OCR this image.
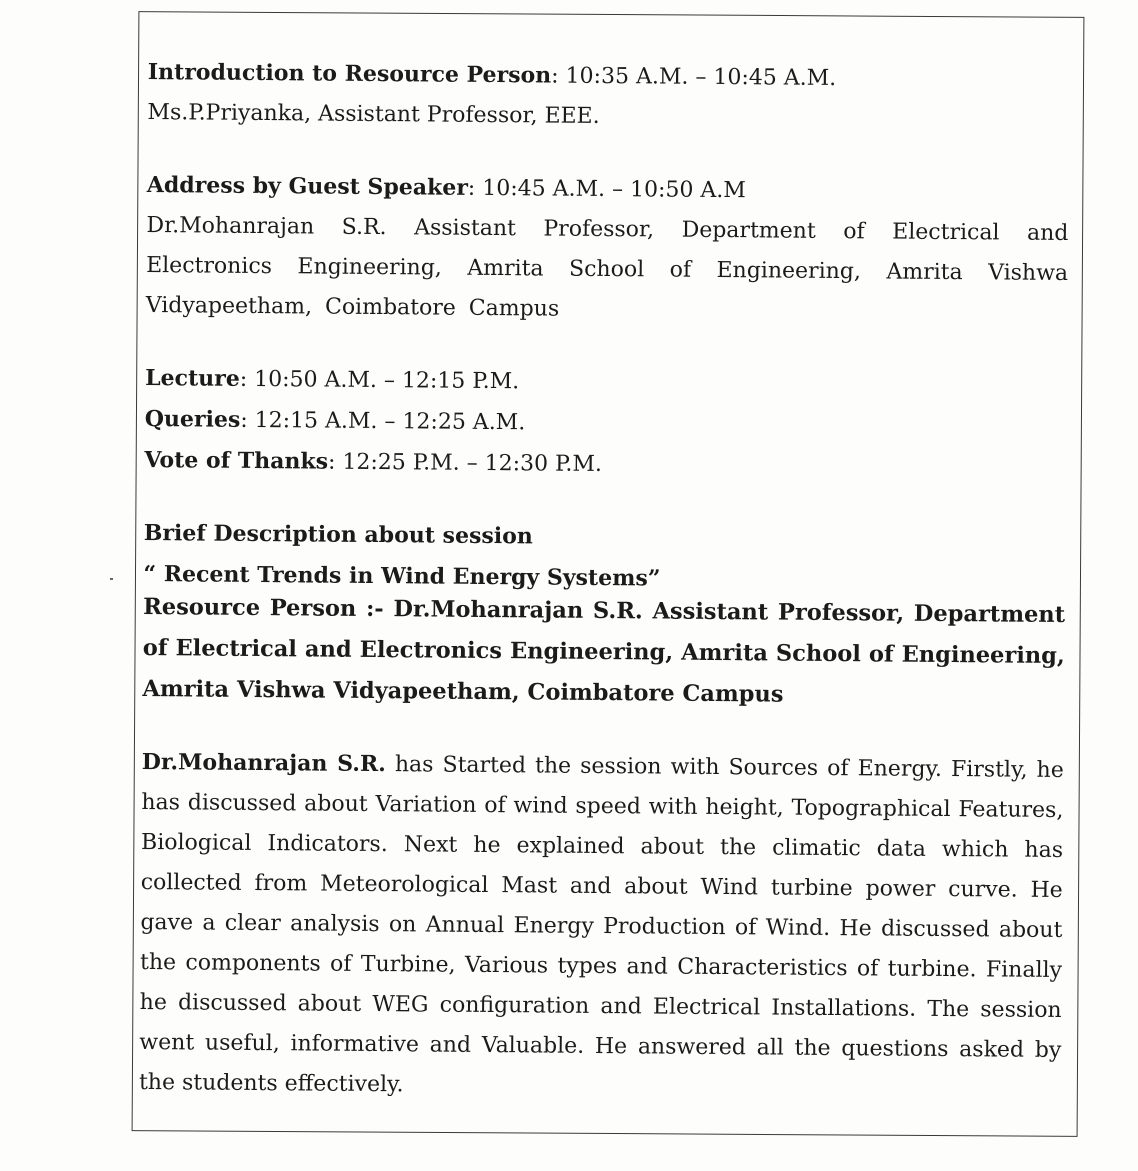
Introduction to Resource Person: 10:35 A.M. – 10:45 A.M.
Ms.P.Priyanka, Assistant Professor, EEE.
Address by Guest Speaker: 10:45 A.M. – 10:50 A.M
Dr.Mohanrajan S.R. Assistant Professor, Department of Electrical and Electronics Engineering, Amrita School of Engineering, Amrita Vishwa Vidyapeetham, Coimbatore Campus
Lecture: 10:50 A.M. – 12:15 P.M.
Queries: 12:15 A.M. – 12:25 A.M.
Vote of Thanks: 12:25 P.M. – 12:30 P.M.
Brief Description about session
“ Recent Trends in Wind Energy Systems”
Resource Person :- Dr.Mohanrajan S.R. Assistant Professor, Department of Electrical and Electronics Engineering, Amrita School of Engineering, Amrita Vishwa Vidyapeetham, Coimbatore Campus
Dr.Mohanrajan S.R. has Started the session with Sources of Energy. Firstly, he has discussed about Variation of wind speed with height, Topographical Features, Biological Indicators. Next he explained about the climatic data which has collected from Meteorological Mast and about Wind turbine power curve. He gave a clear analysis on Annual Energy Production of Wind. He discussed about the components of Turbine, Various types and Characteristics of turbine. Finally he discussed about WEG configuration and Electrical Installations. The session went useful, informative and Valuable. He answered all the questions asked by the students effectively.
